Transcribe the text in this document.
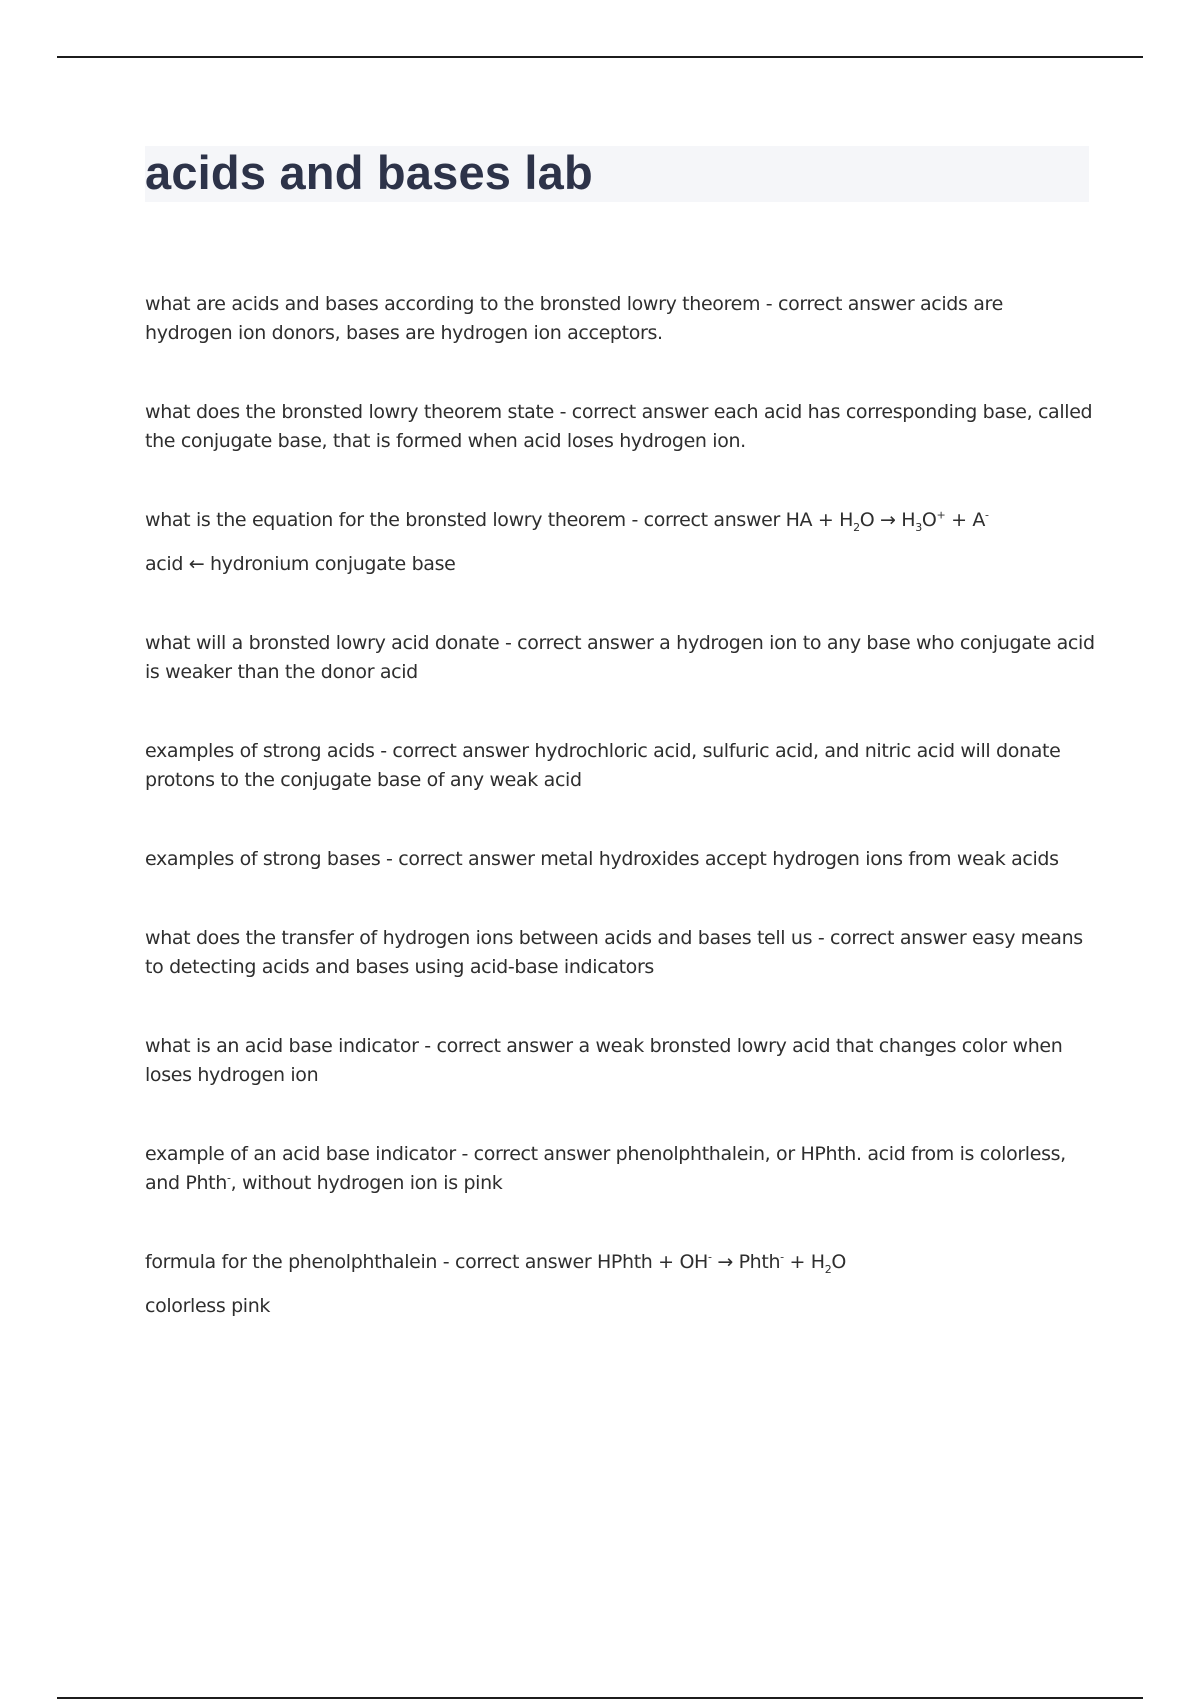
acids and bases lab

what are acids and bases according to the bronsted lowry theorem - correct answer acids are hydrogen ion donors, bases are hydrogen ion acceptors.

what does the bronsted lowry theorem state - correct answer each acid has corresponding base, called the conjugate base, that is formed when acid loses hydrogen ion.

what is the equation for the bronsted lowry theorem - correct answer HA + $H_2O \to H_3O^+ + A^-$
acid ← hydronium conjugate base

what will a bronsted lowry acid donate - correct answer a hydrogen ion to any base who conjugate acid is weaker than the donor acid

examples of strong acids - correct answer hydrochloric acid, sulfuric acid, and nitric acid will donate protons to the conjugate base of any weak acid

examples of strong bases - correct answer metal hydroxides accept hydrogen ions from weak acids

what does the transfer of hydrogen ions between acids and bases tell us - correct answer easy means to detecting acids and bases using acid-base indicators

what is an acid base indicator - correct answer a weak bronsted lowry acid that changes color when loses hydrogen ion

example of an acid base indicator - correct answer phenolphthalein, or HPhth. acid from is colorless, and Phth-, without hydrogen ion is pink

formula for the phenolphthalein - correct answer HPhth + OH- → Phth- + $H_2O$
colorless pink
